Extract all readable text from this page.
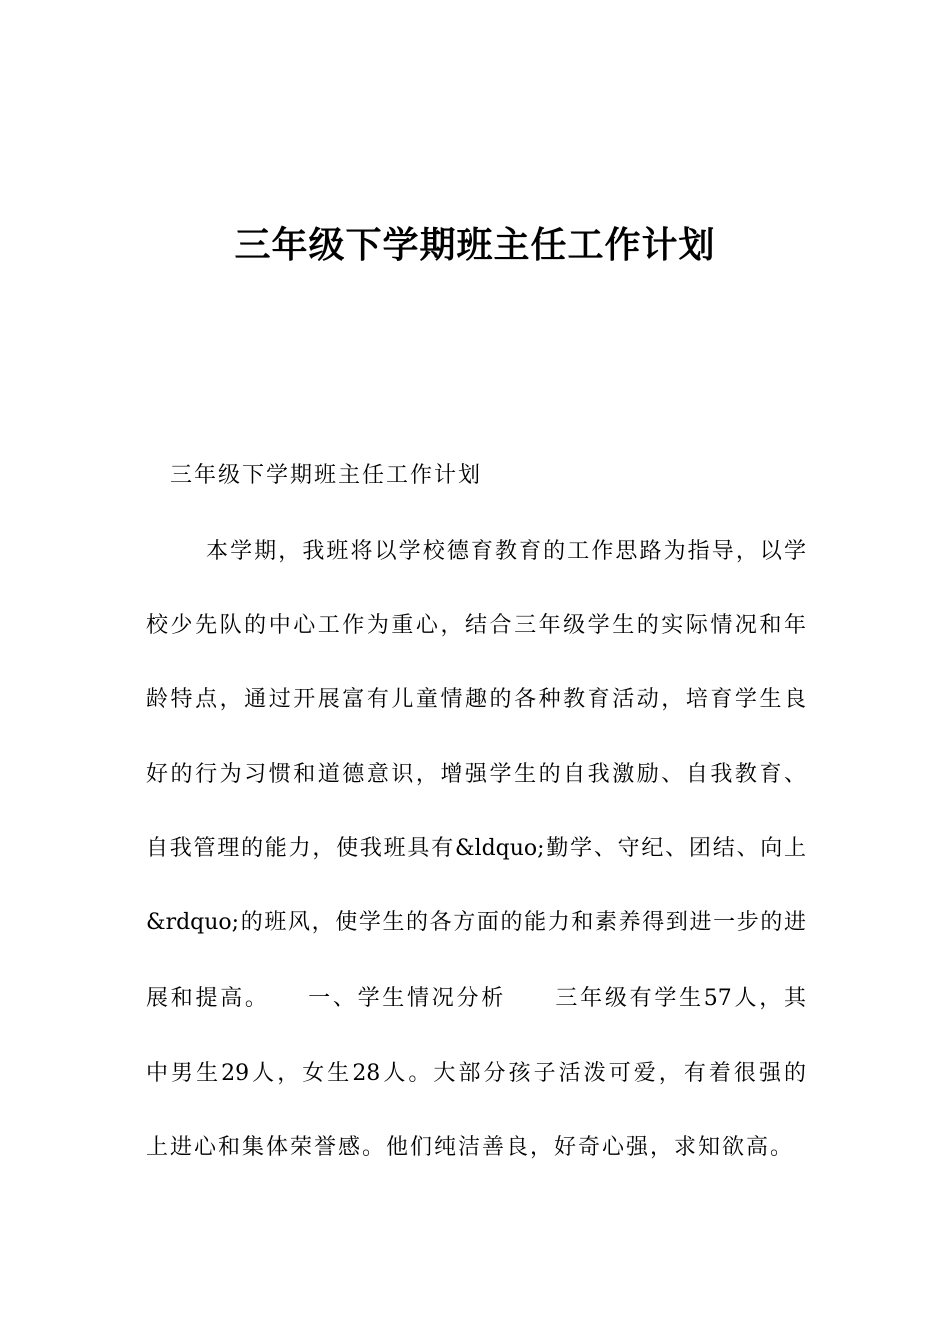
三年级下学期班主任工作计划
三年级下学期班主任工作计划
本学期，我班将以学校德育教育的工作思路为指导，以学
校少先队的中心工作为重心，结合三年级学生的实际情况和年
龄特点，通过开展富有儿童情趣的各种教育活动，培育学生良
好的行为习惯和道德意识，增强学生的自我激励、自我教育、
自我管理的能力，使我班具有&ldquo;勤学、守纪、团结、向上
&rdquo;的班风，使学生的各方面的能力和素养得到进一步的进
展和提高。　　一、学生情况分析　　三年级有学生57人，其
中男生29人，女生28人。大部分孩子活泼可爱，有着很强的
上进心和集体荣誉感。他们纯洁善良，好奇心强，求知欲高。
